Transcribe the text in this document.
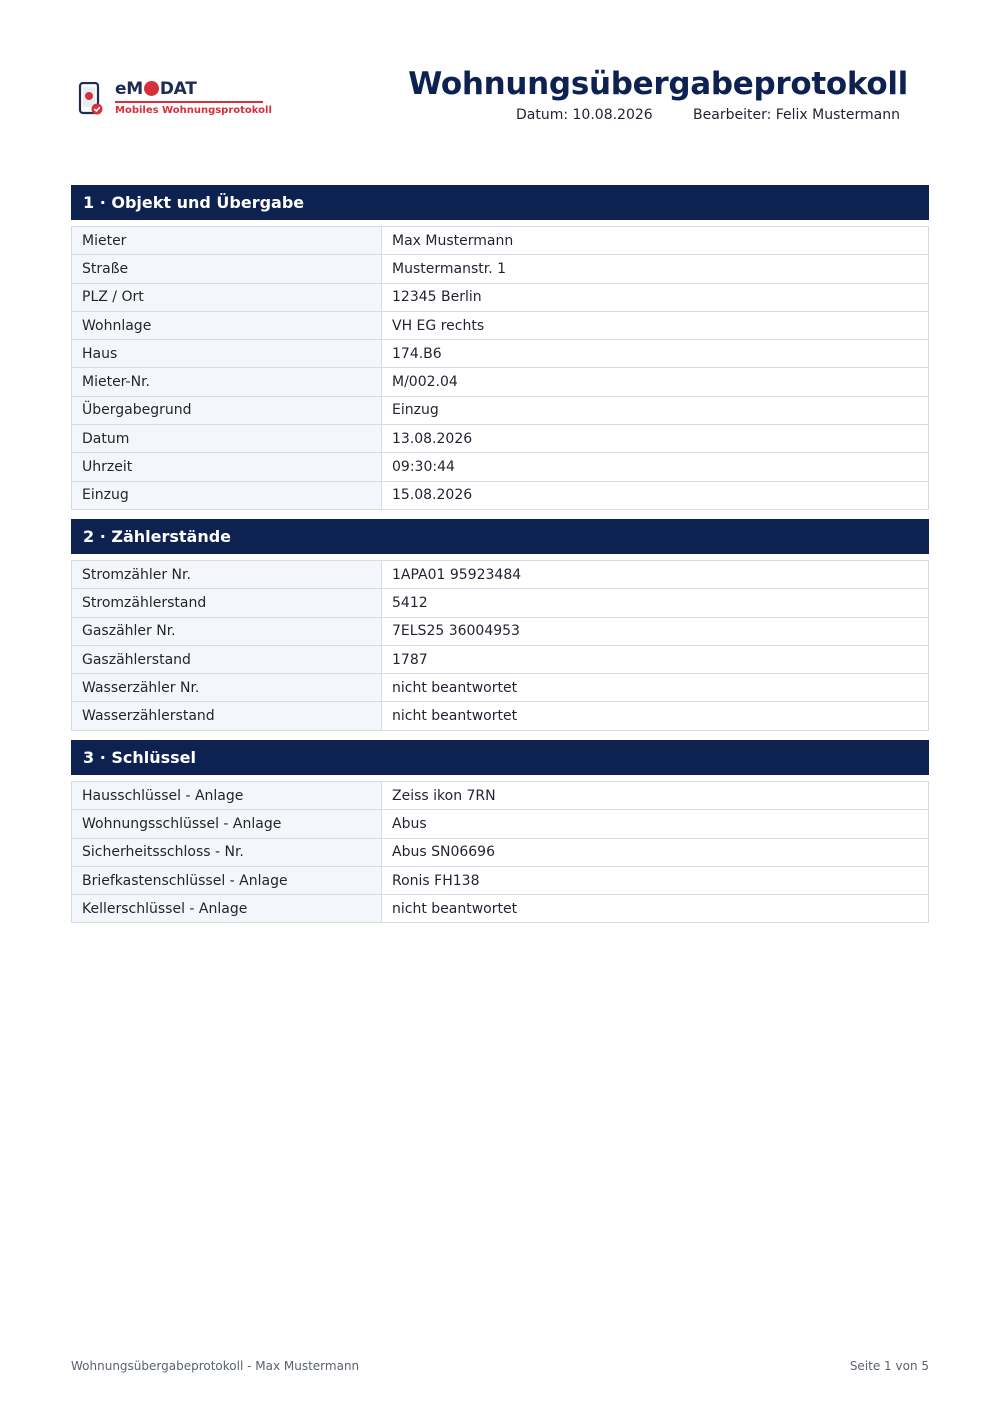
eM DAT
Mobiles Wohnungsprotokoll
Wohnungsübergabeprotokoll
Datum: 10.08.2026	Bearbeiter: Felix Mustermann
1 · Objekt und Übergabe
Mieter	Max Mustermann
Straße	Mustermanstr. 1
PLZ / Ort	12345 Berlin
Wohnlage	VH EG rechts
Haus	174.B6
Mieter-Nr.	M/002.04
Übergabegrund	Einzug
Datum	13.08.2026
Uhrzeit	09:30:44
Einzug	15.08.2026
2 · Zählerstände
Stromzähler Nr.	1APA01 95923484
Stromzählerstand	5412
Gaszähler Nr.	7ELS25 36004953
Gaszählerstand	1787
Wasserzähler Nr.	nicht beantwortet
Wasserzählerstand	nicht beantwortet
3 · Schlüssel
Hausschlüssel - Anlage	Zeiss ikon 7RN
Wohnungsschlüssel - Anlage	Abus
Sicherheitsschloss - Nr.	Abus SN06696
Briefkastenschlüssel - Anlage	Ronis FH138
Kellerschlüssel - Anlage	nicht beantwortet
Wohnungsübergabeprotokoll - Max Mustermann	Seite 1 von 5
